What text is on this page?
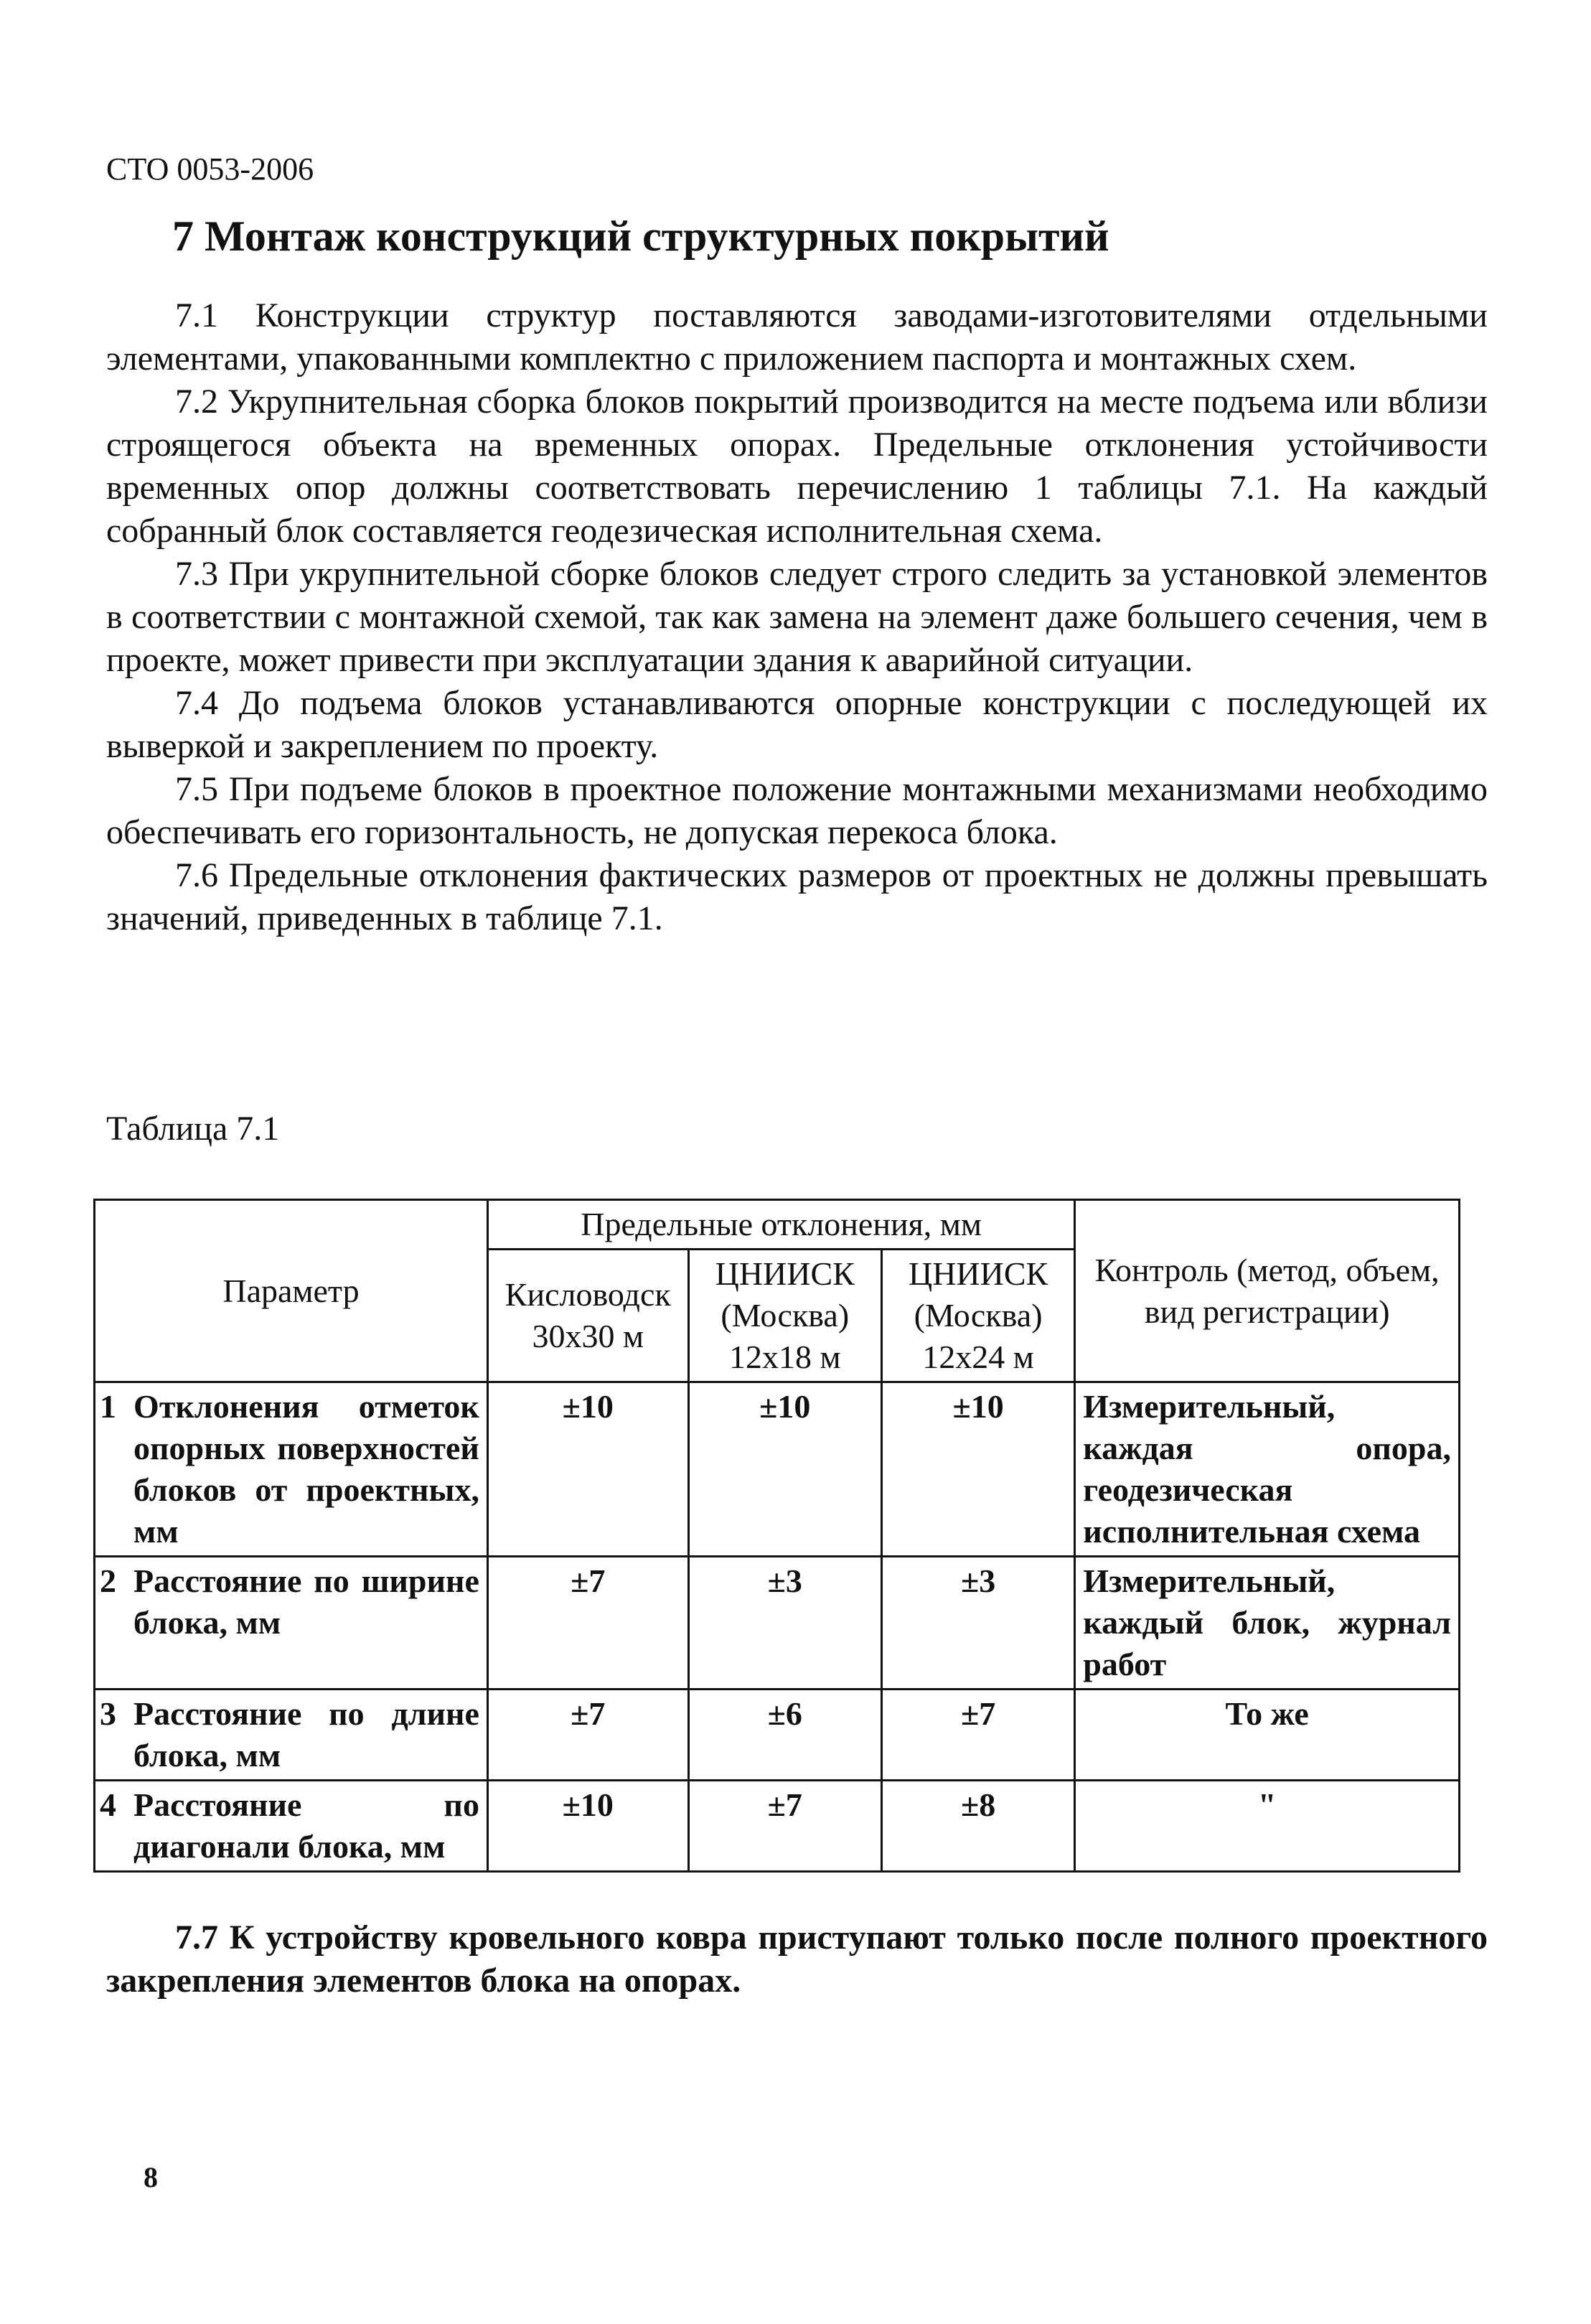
СТО 0053-2006
7 Монтаж конструкций структурных покрытий

7.1 Конструкции структур поставляются заводами-изготовителями отдельными элементами, упакованными комплектно с приложением паспорта и монтажных схем.

7.2 Укрупнительная сборка блоков покрытий производится на месте подъема или вблизи строящегося объекта на временных опорах. Предельные отклонения устойчивости временных опор должны соответствовать перечислению 1 таблицы 7.1. На каждый собранный блок составляется геодезическая исполнительная схема.

7.3 При укрупнительной сборке блоков следует строго следить за установкой элементов в соответствии с монтажной схемой, так как замена на элемент даже большего сечения, чем в проекте, может привести при эксплуатации здания к аварийной ситуации.

7.4 До подъема блоков устанавливаются опорные конструкции с последующей их выверкой и закреплением по проекту.

7.5 При подъеме блоков в проектное положение монтажными механизмами необходимо обеспечивать его горизонтальность, не допуская перекоса блока.

7.6 Предельные отклонения фактических размеров от проектных не должны превышать значений, приведенных в таблице 7.1.

Таблица 7.1
Параметр		Предельные отклонения, мм			Контроль (метод, объем, вид регистрации)
		Кисловодск 30х30 м	ЦНИИСК (Москва) 12х18 м	ЦНИИСК (Москва) 12х24 м	
1	Отклонения отметок опорных поверхностей блоков от проектных, мм	±10	±10	±10	Измерительный, каждая опора, геодезическая исполнительная схема
2	Расстояние по ширине блока, мм	±7	±3	±3	Измерительный, каждый блок, журнал работ
3	Расстояние по длине блока, мм	±7	±6	±7	То же
4	Расстояние по диагонали блока, мм	±10	±7	±8	"

7.7 К устройству кровельного ковра приступают только после полного проектного закрепления элементов блока на опорах.

8
